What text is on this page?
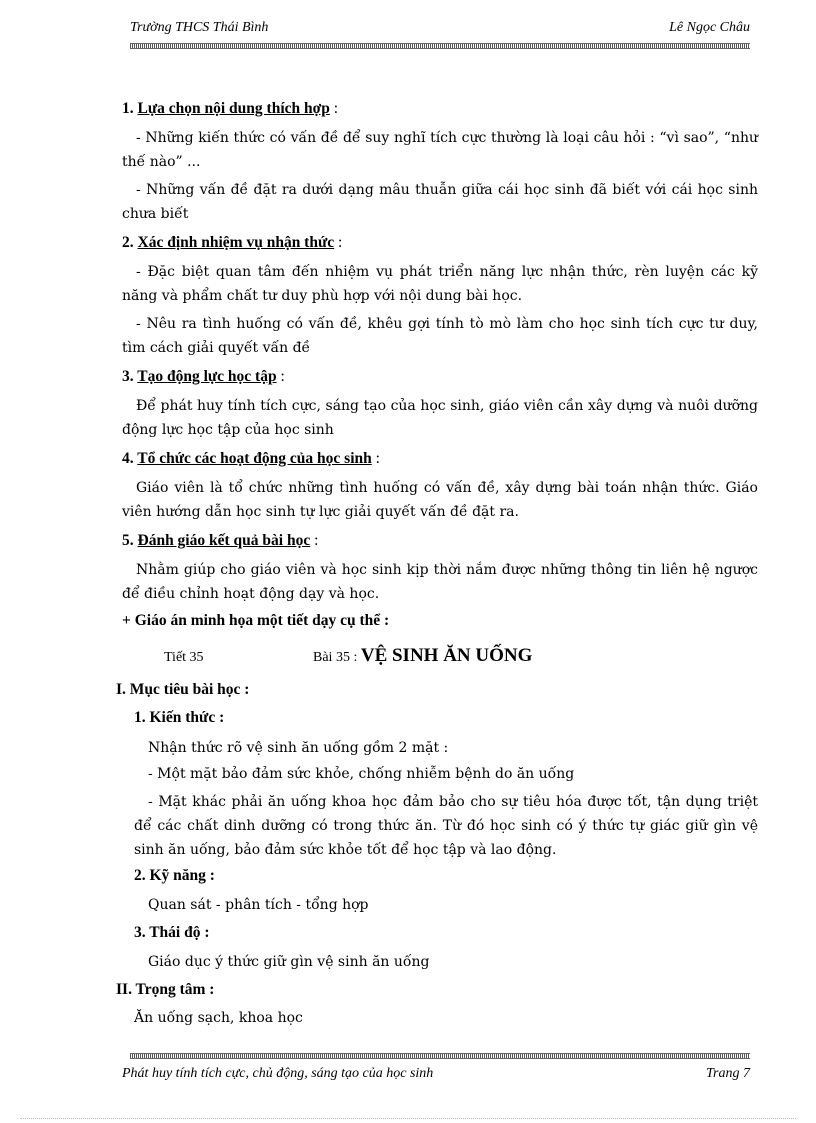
Trường THCS Thái Bình	Lê Ngọc Châu

1. Lựa chọn nội dung thích hợp :

- Những kiến thức có vấn đề để suy nghĩ tích cực thường là loại câu hỏi : “vì sao”, “như thế nào” ...

- Những vấn đề đặt ra dưới dạng mâu thuẫn giữa cái học sinh đã biết với cái học sinh chưa biết

2. Xác định nhiệm vụ nhận thức :

- Đặc biệt quan tâm đến nhiệm vụ phát triển năng lực nhận thức, rèn luyện các kỹ năng và phẩm chất tư duy phù hợp với nội dung bài học.

- Nêu ra tình huống có vấn đề, khêu gợi tính tò mò làm cho học sinh tích cực tư duy, tìm cách giải quyết vấn đề

3. Tạo động lực học tập :

Để phát huy tính tích cực, sáng tạo của học sinh, giáo viên cần xây dựng và nuôi dưỡng động lực học tập của học sinh

4. Tổ chức các hoạt động của học sinh :

Giáo viên là tổ chức những tình huống có vấn đề, xây dựng bài toán nhận thức. Giáo viên hướng dẫn học sinh tự lực giải quyết vấn đề đặt ra.

5. Đánh giáo kết quả bài học :

Nhằm giúp cho giáo viên và học sinh kịp thời nắm được những thông tin liên hệ ngược để điều chỉnh hoạt động dạy và học.

+ Giáo án minh họa một tiết dạy cụ thể :

Tiết 35	Bài 35 : VỆ SINH ĂN UỐNG
I. Mục tiêu bài học :
1. Kiến thức :
Nhận thức rõ vệ sinh ăn uống gồm 2 mặt :
- Một mặt bảo đảm sức khỏe, chống nhiễm bệnh do ăn uống
- Mặt khác phải ăn uống khoa học đảm bảo cho sự tiêu hóa được tốt, tận dụng triệt để các chất dinh dưỡng có trong thức ăn. Từ đó học sinh có ý thức tự giác giữ gìn vệ sinh ăn uống, bảo đảm sức khỏe tốt để học tập và lao động.
2. Kỹ năng :
Quan sát - phân tích - tổng hợp
3. Thái độ :
Giáo dục ý thức giữ gìn vệ sinh ăn uống
II. Trọng tâm :
Ăn uống sạch, khoa học
Phát huy tính tích cực, chủ động, sáng tạo của học sinh	Trang 7
